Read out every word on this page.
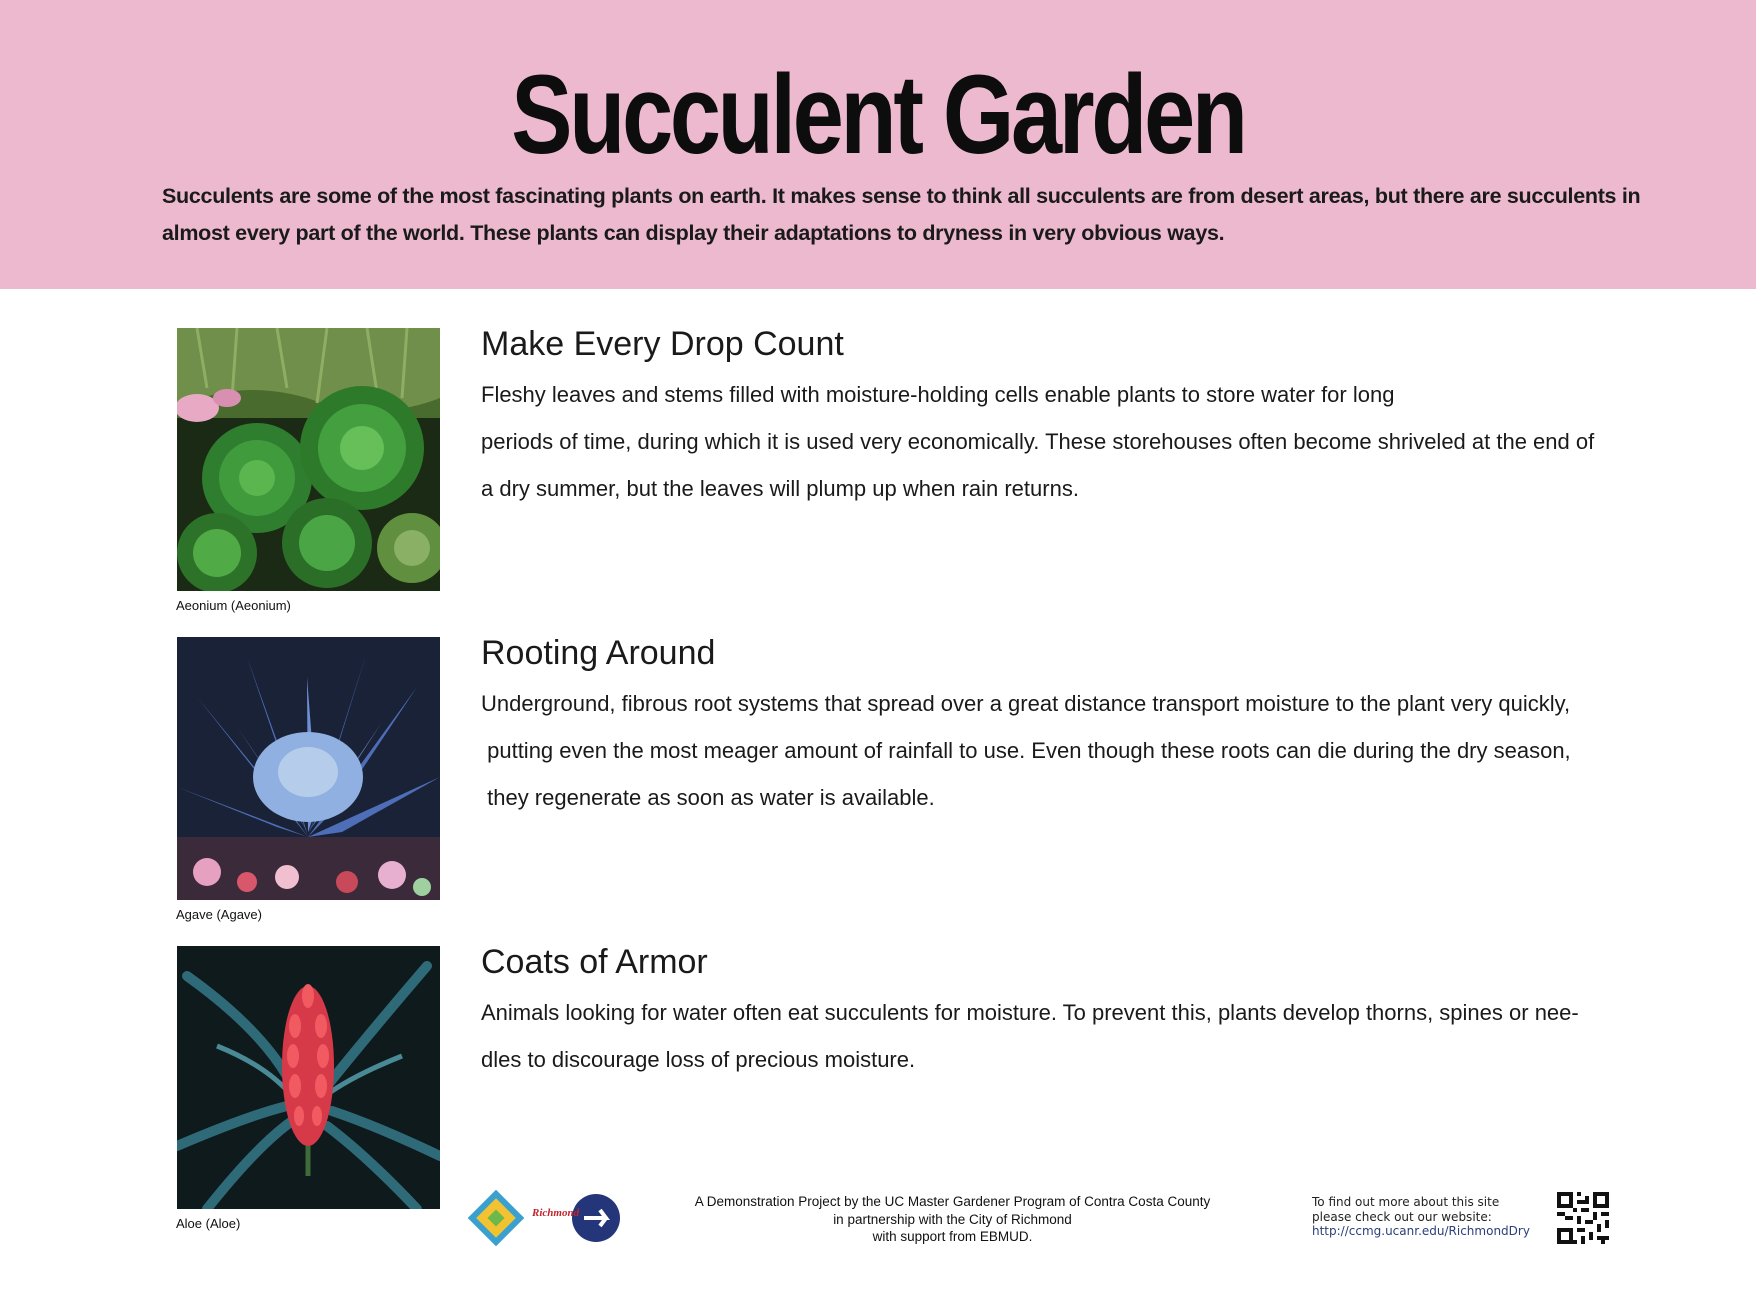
Succulent Garden

Succulents are some of the most fascinating plants on earth. It makes sense to think all succulents are from desert areas, but there are succulents in almost every part of the world. These plants can display their adaptations to dryness in very obvious ways.

Aeonium (Aeonium)
Make Every Drop Count
Fleshy leaves and stems filled with moisture-holding cells enable plants to store water for long
periods of time, during which it is used very economically. These storehouses often become shriveled at the end of
a dry summer, but the leaves will plump up when rain returns.
Agave (Agave)
Rooting Around
Underground, fibrous root systems that spread over a great distance transport moisture to the plant very quickly,
putting even the most meager amount of rainfall to use. Even though these roots can die during the dry season,
they regenerate as soon as water is available.
Aloe (Aloe)
Coats of Armor
Animals looking for water often eat succulents for moisture. To prevent this, plants develop thorns, spines or nee-
dles to discourage loss of precious moisture.
Richmond
A Demonstration Project by the UC Master Gardener Program of Contra Costa County
in partnership with the City of Richmond
with support from EBMUD.
To find out more about this site
please check out our website:
http://ccmg.ucanr.edu/RichmondDry
